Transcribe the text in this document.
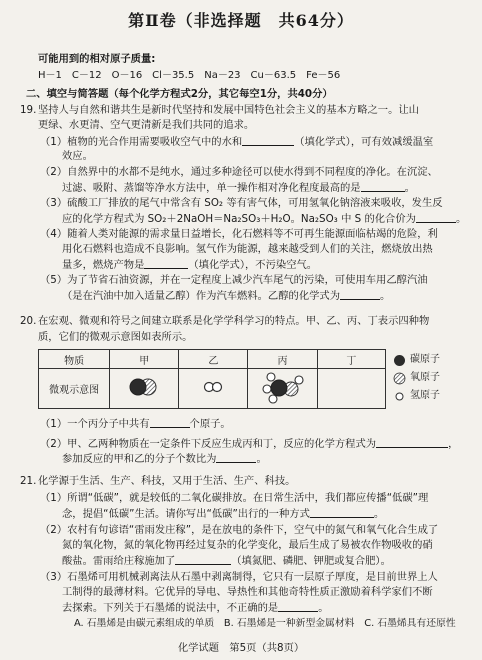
第Ⅱ卷（非选择题　共64分）
可能用到的相对原子质量:
H－1　C－12　O－16　Cl－35.5　Na－23　Cu－63.5　Fe－56
二、填空与简答题（每个化学方程式2分，其它每空1分，共40分）
19. 坚持人与自然和谐共生是新时代坚持和发展中国特色社会主义的基本方略之一。让山
更绿、水更清、空气更清新是我们共同的追求。
（1）植物的光合作用需要吸收空气中的水和	（填化学式），可有效减缓温室
效应。
（2）自然界中的水都不是纯水，通过多种途径可以使水得到不同程度的净化。在沉淀、
过滤、吸附、蒸馏等净水方法中，单一操作相对净化程度最高的是	。
（3）硫酸工厂排放的尾气中常含有 SO₂ 等有害气体，可用氢氧化钠溶液来吸收，发生反
应的化学方程式为 SO₂＋2NaOH＝Na₂SO₃＋H₂O。Na₂SO₃ 中 S 的化合价为	。
（4）随着人类对能源的需求量日益增长，化石燃料等不可再生能源面临枯竭的危险，利
用化石燃料也造成不良影响。氢气作为能源，越来越受到人们的关注，燃烧放出热
量多，燃烧产物是	（填化学式），不污染空气。
（5）为了节省石油资源，并在一定程度上减少汽车尾气的污染，可使用车用乙醇汽油
（是在汽油中加入适量乙醇）作为汽车燃料。乙醇的化学式为	。
20. 在宏观、微观和符号之间建立联系是化学学科学习的特点。甲、乙、丙、丁表示四种物
质，它们的微观示意图如表所示。
物质	甲	乙	丙	丁
微观示意图				
碳原子
氧原子
氢原子
（1）一个丙分子中共有	个原子。
（2）甲、乙两种物质在一定条件下反应生成丙和丁，反应的化学方程式为	，
参加反应的甲和乙的分子个数比为	。
21. 化学源于生活、生产、科技，又用于生活、生产、科技。
（1）所谓“低碳”，就是较低的二氧化碳排放。在日常生活中，我们都应传播“低碳”理
念，提倡“低碳”生活。请你写出“低碳”出行的一种方式	。
（2）农村有句谚语“雷雨发庄稼”，是在放电的条件下，空气中的氮气和氧气化合生成了
氮的氧化物，氮的氧化物再经过复杂的化学变化，最后生成了易被农作物吸收的硝
酸盐。雷雨给庄稼施加了	（填氮肥、磷肥、钾肥或复合肥）。
（3）石墨烯可用机械剥离法从石墨中剥离制得，它只有一层原子厚度，是目前世界上人
工制得的最薄材料。它优异的导电、导热性和其他奇特性质正激励着科学家们不断
去探索。下列关于石墨烯的说法中，不正确的是	。
A. 石墨烯是由碳元素组成的单质　B. 石墨烯是一种新型金属材料　C. 石墨烯具有还原性
化学试题　第5页（共8页）
